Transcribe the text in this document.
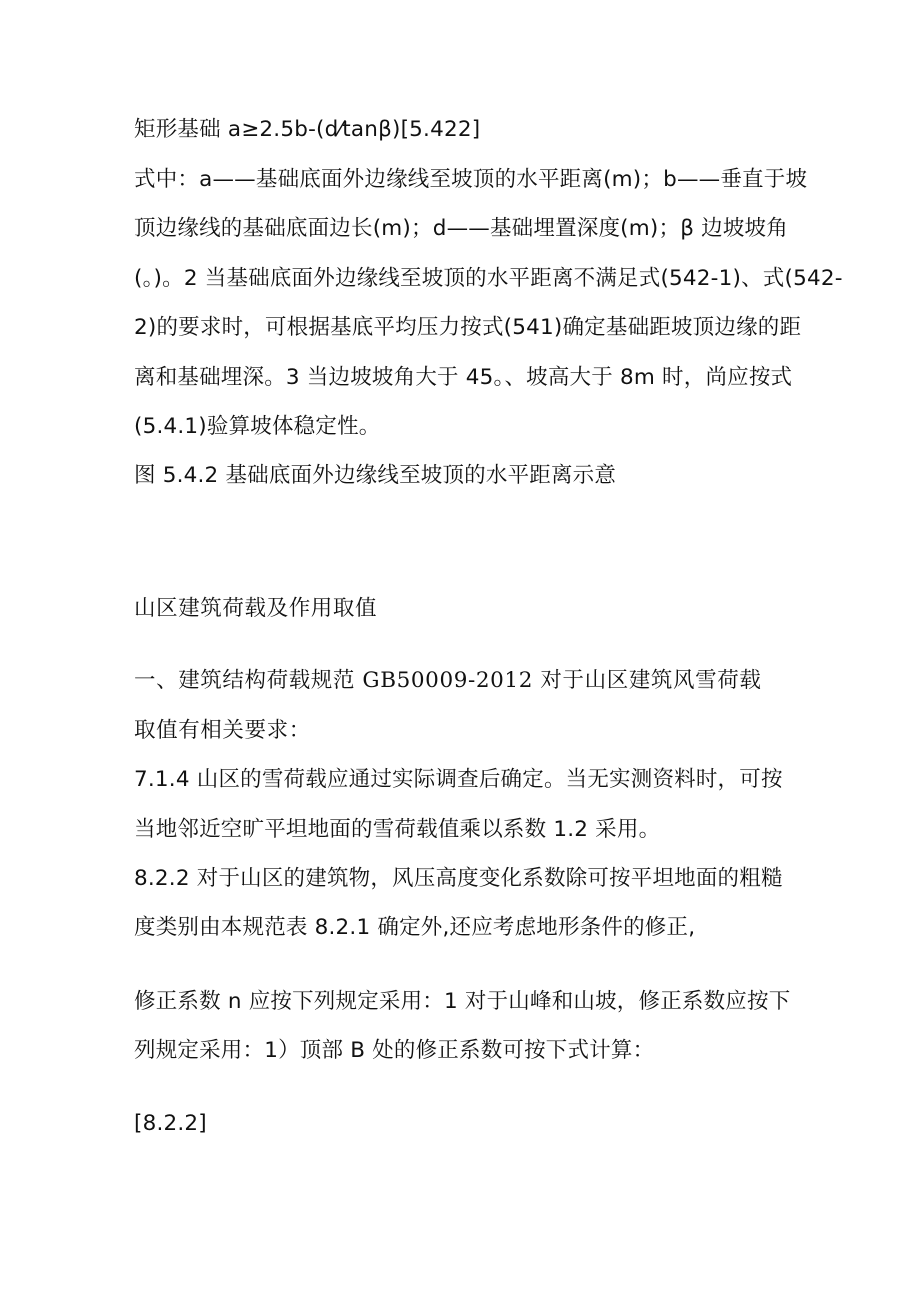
矩形基础 a≥2.5b-(d⁄tanβ)[5.422]
式中：a——基础底面外边缘线至坡顶的水平距离(m)；b——垂直于坡
顶边缘线的基础底面边长(m)；d——基础埋置深度(m)；β 边坡坡角
(。)。2 当基础底面外边缘线至坡顶的水平距离不满足式(542-1)、式(542-
2)的要求时，可根据基底平均压力按式(541)确定基础距坡顶边缘的距
离和基础埋深。3 当边坡坡角大于 45。、坡高大于 8m 时，尚应按式
(5.4.1)验算坡体稳定性。
图 5.4.2 基础底面外边缘线至坡顶的水平距离示意
山区建筑荷载及作用取值
一、建筑结构荷载规范 GB50009-2012 对于山区建筑风雪荷载
取值有相关要求：
7.1.4 山区的雪荷载应通过实际调查后确定。当无实测资料时，可按
当地邻近空旷平坦地面的雪荷载值乘以系数 1.2 采用。
8.2.2 对于山区的建筑物，风压高度变化系数除可按平坦地面的粗糙
度类别由本规范表 8.2.1 确定外,还应考虑地形条件的修正,
修正系数 n 应按下列规定采用：1 对于山峰和山坡，修正系数应按下
列规定采用：1）顶部 B 处的修正系数可按下式计算：
[8.2.2]
